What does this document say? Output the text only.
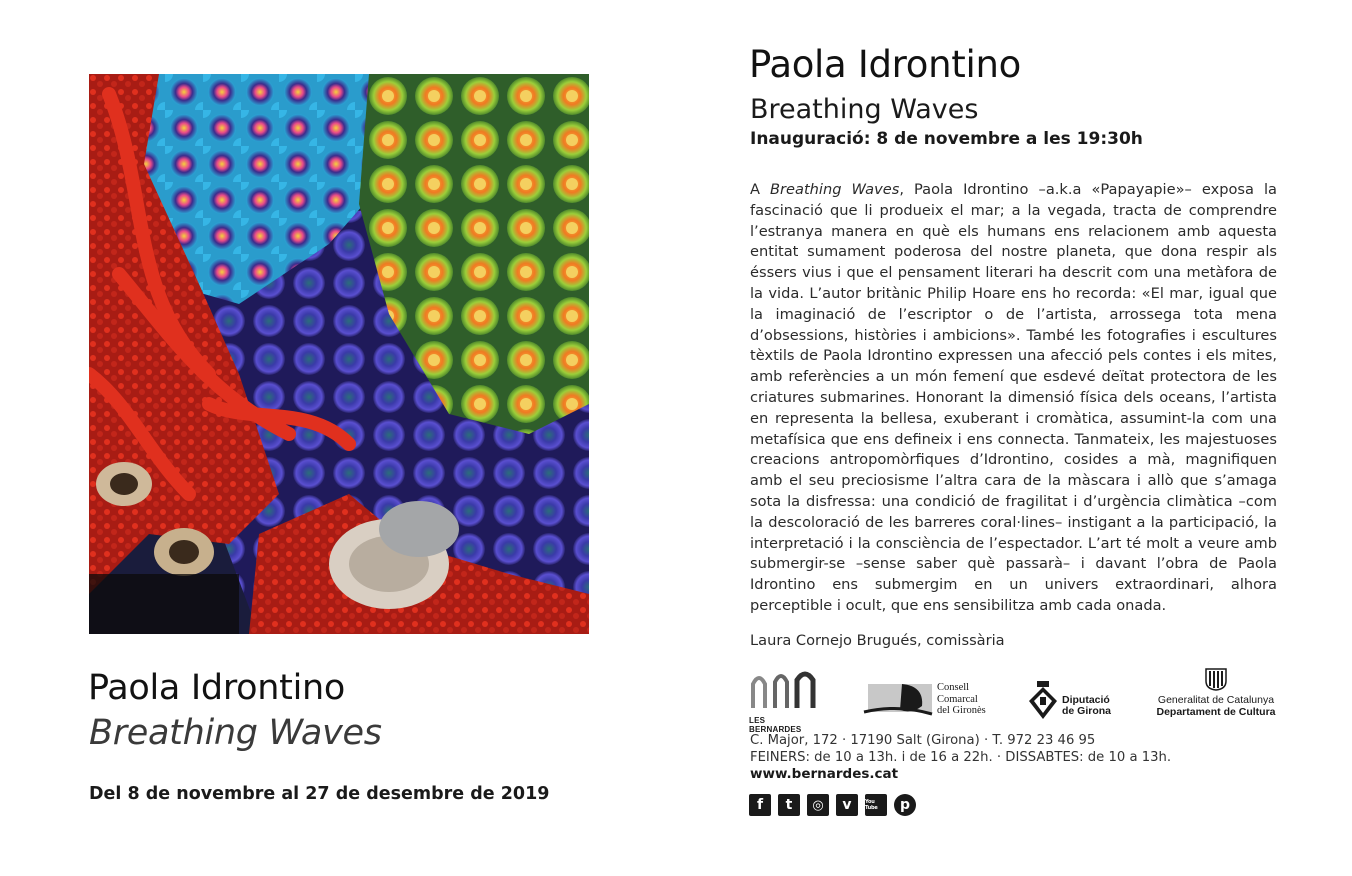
Paola Idrontino
Breathing Waves
Del 8 de novembre al 27 de desembre de 2019
Paola Idrontino
Breathing Waves
Inauguració: 8 de novembre a les 19:30h

A Breathing Waves, Paola Idrontino –a.k.a «Papayapie»– exposa la fascinació que li produeix el mar; a la vegada, tracta de comprendre l’estranya manera en què els humans ens relacionem amb aquesta entitat sumament poderosa del nostre planeta, que dona respir als éssers vius i que el pensament literari ha descrit com una metàfora de la vida. L’autor britànic Philip Hoare ens ho recorda: «El mar, igual que la imaginació de l’escriptor o de l’artista, arrossega tota mena d’obsessions, històries i ambicions». També les fotografies i escultures tèxtils de Paola Idrontino expressen una afecció pels contes i els mites, amb referències a un món femení que esdevé deïtat protectora de les criatures submarines. Honorant la dimensió física dels oceans, l’artista en representa la bellesa, exuberant i cromàtica, assumint-la com una metafísica que ens defineix i ens connecta. Tanmateix, les majestuoses creacions antropomòrfiques d’Idrontino, cosides a mà, magnifiquen amb el seu preciosisme l’altra cara de la màscara i allò que s’amaga sota la disfressa: una condició de fragilitat i d’urgència climàtica –com la descoloració de les barreres coral·lines– instigant a la participació, la interpretació i la consciència de l’espectador. L’art té molt a veure amb submergir-se –sense saber què passarà– i davant l’obra de Paola Idrontino ens submergim en un univers extraordinari, alhora perceptible i ocult, que ens sensibilitza amb cada onada.

Laura Cornejo Brugués, comissària
LES BERNARDES
Consell
Comarcal
del Gironès
Diputació
de Girona
Generalitat de Catalunya
Departament de Cultura
C. Major, 172 · 17190 Salt (Girona) · T. 972 23 46 95
FEINERS: de 10 a 13h. i de 16 a 22h. · DISSABTES: de 10 a 13h.
www.bernardes.cat
f	t	◎	v	You Tube	p
